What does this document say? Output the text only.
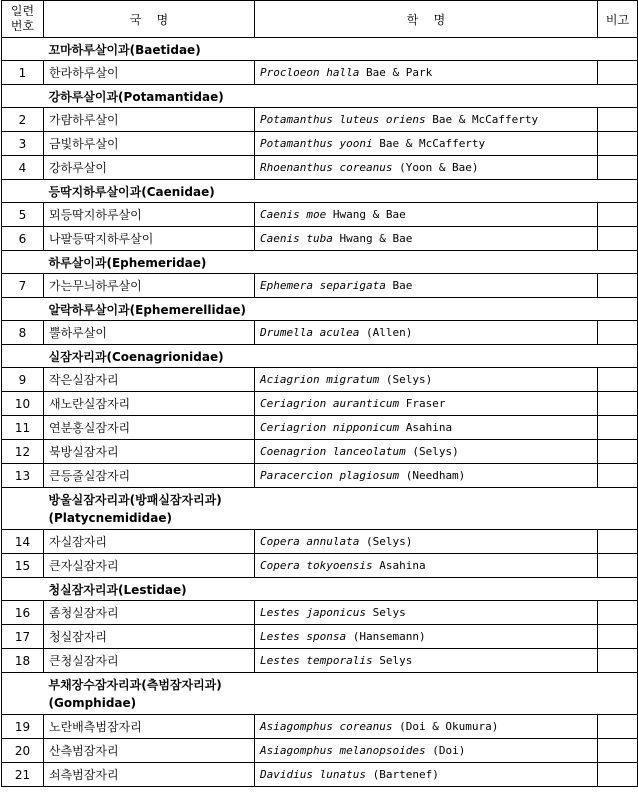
일련
번호	국    명	학    명	비고
	꼬마하루살이과(Baetidae)		
1	한라하루살이	Procloeon halla Bae & Park	
	강하루살이과(Potamantidae)		
2	가람하루살이	Potamanthus luteus oriens Bae & McCafferty	
3	금빛하루살이	Potamanthus yooni Bae & McCafferty	
4	강하루살이	Rhoenanthus coreanus (Yoon & Bae)	
	등딱지하루살이과(Caenidae)		
5	뫼등딱지하루살이	Caenis moe Hwang & Bae	
6	나팔등딱지하루살이	Caenis tuba Hwang & Bae	
	하루살이과(Ephemeridae)		
7	가는무늬하루살이	Ephemera separigata Bae	
	알락하루살이과(Ephemerellidae)		
8	뿔하루살이	Drumella aculea (Allen)	
	실잠자리과(Coenagrionidae)		
9	작은실잠자리	Aciagrion migratum (Selys)	
10	새노란실잠자리	Ceriagrion auranticum Fraser	
11	연분홍실잠자리	Ceriagrion nipponicum Asahina	
12	북방실잠자리	Coenagrion lanceolatum (Selys)	
13	큰등줄실잠자리	Paracercion plagiosum (Needham)	
	방울실잠자리과(방패실잠자리과)
(Platycnemididae)		
14	자실잠자리	Copera annulata (Selys)	
15	큰자실잠자리	Copera tokyoensis Asahina	
	청실잠자리과(Lestidae)		
16	좀청실잠자리	Lestes japonicus Selys	
17	청실잠자리	Lestes sponsa (Hansemann)	
18	큰청실잠자리	Lestes temporalis Selys	
	부채장수잠자리과(측범잠자리과)
(Gomphidae)		
19	노란배측범잠자리	Asiagomphus coreanus (Doi & Okumura)	
20	산측범잠자리	Asiagomphus melanopsoides (Doi)	
21	쇠측범잠자리	Davidius lunatus (Bartenef)	
